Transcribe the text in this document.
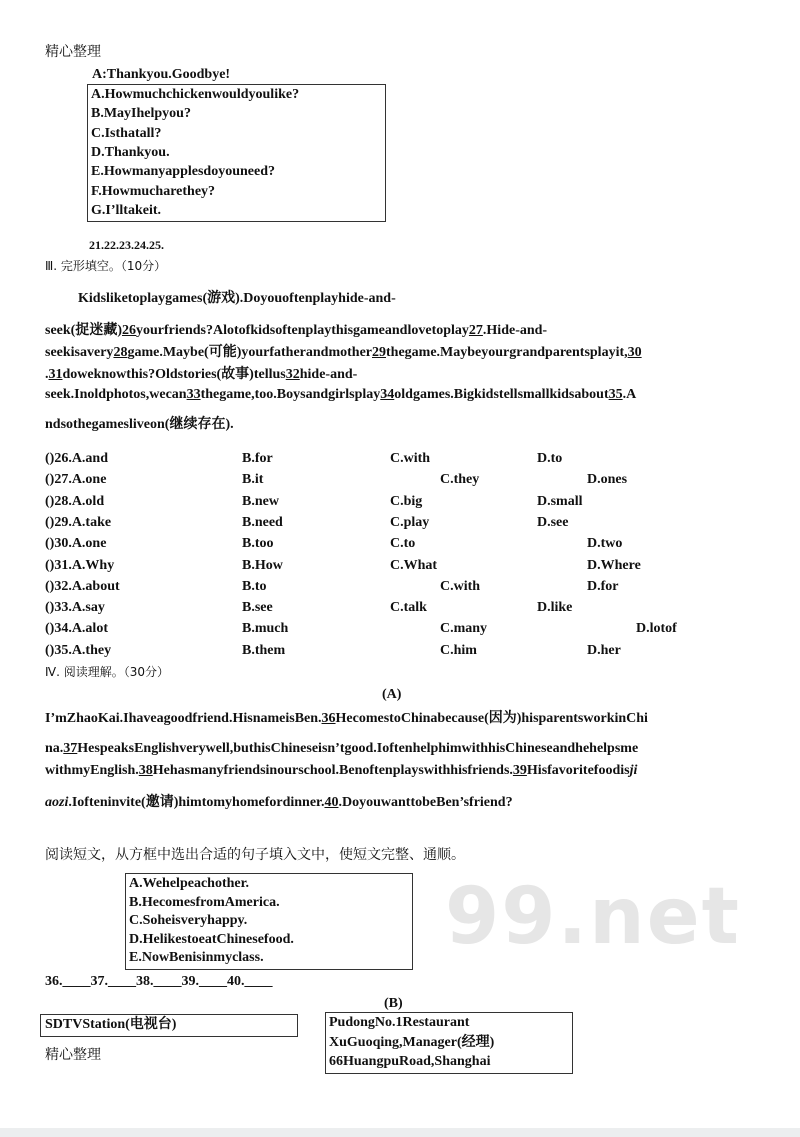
99.net
精心整理
A:Thankyou.Goodbye!
A.Howmuchchickenwouldyoulike?
B.MayIhelpyou?
C.Isthatall?
D.Thankyou.
E.Howmanyapplesdoyouneed?
F.Howmucharethey?
G.I’lltakeit.
21.22.23.24.25.
Ⅲ. 完形填空。（10分）
Kidsliketoplaygames(游戏).Doyouoftenplayhide-and-
seek(捉迷藏)26yourfriends?Alotofkidsoftenplaythisgameandlovetoplay27.Hide-and-
seekisavery28game.Maybe(可能)yourfatherandmother29thegame.Maybeyourgrandparentsplayit,30
.31doweknowthis?Oldstories(故事)tellus32hide-and-
seek.Inoldphotos,wecan33thegame,too.Boysandgirlsplay34oldgames.Bigkidstellsmallkidsabout35.A
ndsothegamesliveon(继续存在).
()26.A.and	B.for	C.with	D.to
()27.A.one	B.it	C.they	D.ones
()28.A.old	B.new	C.big	D.small
()29.A.take	B.need	C.play	D.see
()30.A.one	B.too	C.to	D.two
()31.A.Why	B.How	C.What	D.Where
()32.A.about	B.to	C.with	D.for
()33.A.say	B.see	C.talk	D.like
()34.A.alot	B.much	C.many	D.lotof
()35.A.they	B.them	C.him	D.her
Ⅳ. 阅读理解。（30分）
(A)
I’mZhaoKai.Ihaveagoodfriend.HisnameisBen.36HecomestoChinabecause(因为)hisparentsworkinChi
na.37HespeaksEnglishverywell,buthisChineseisn’tgood.IoftenhelphimwithhisChineseandhehelpsme
withmyEnglish.38Hehasmanyfriendsinourschool.Benoftenplayswithhisfriends.39Hisfavoritefoodisji
aozi.Iofteninvite(邀请)himtomyhomefordinner.40.DoyouwanttobeBen’sfriend?
阅读短文，从方框中选出合适的句子填入文中，使短文完整、通顺。
A.Wehelpeachother.
B.HecomesfromAmerica.
C.Soheisveryhappy.
D.HelikestoeatChinesefood.
E.NowBenisinmyclass.
36.____37.____38.____39.____40.____
(B)
SDTVStation(电视台)	PudongNo.1Restaurant
XuGuoqing,Manager(经理)
66HuangpuRoad,Shanghai
精心整理
